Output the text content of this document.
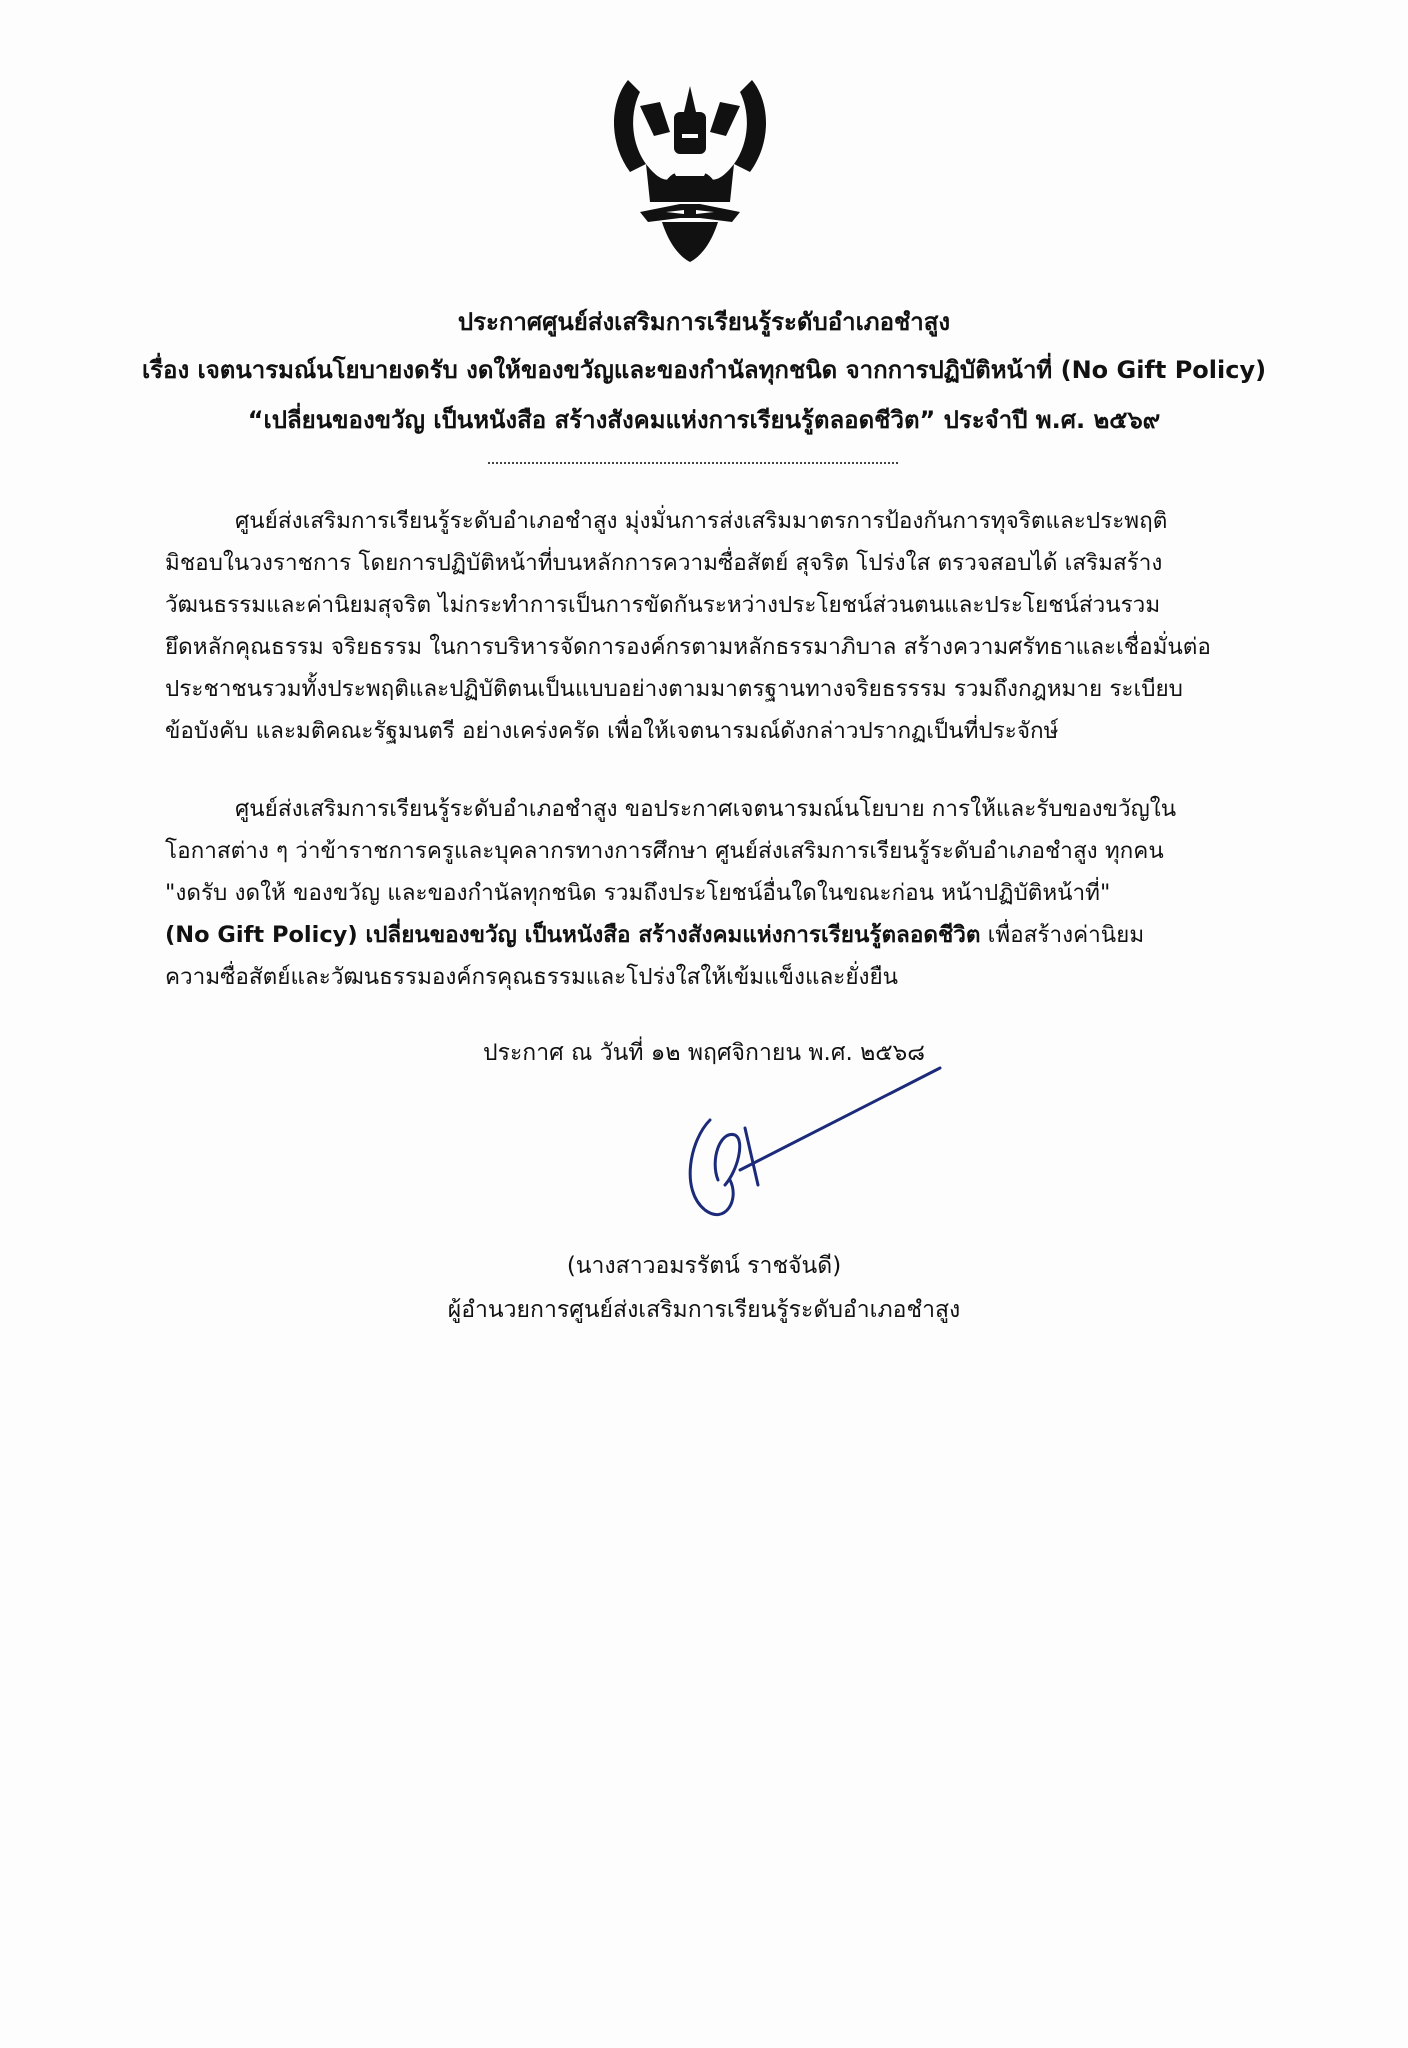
ประกาศศูนย์ส่งเสริมการเรียนรู้ระดับอำเภอชำสูง
เรื่อง เจตนารมณ์นโยบายงดรับ งดให้ของขวัญและของกำนัลทุกชนิด จากการปฏิบัติหน้าที่ (No Gift Policy)
“เปลี่ยนของขวัญ เป็นหนังสือ สร้างสังคมแห่งการเรียนรู้ตลอดชีวิต” ประจำปี พ.ศ. ๒๕๖๙
ศูนย์ส่งเสริมการเรียนรู้ระดับอำเภอชำสูง มุ่งมั่นการส่งเสริมมาตรการป้องกันการทุจริตและประพฤติ
มิชอบในวงราชการ โดยการปฏิบัติหน้าที่บนหลักการความซื่อสัตย์ สุจริต โปร่งใส ตรวจสอบได้ เสริมสร้าง
วัฒนธรรมและค่านิยมสุจริต ไม่กระทำการเป็นการขัดกันระหว่างประโยชน์ส่วนตนและประโยชน์ส่วนรวม
ยึดหลักคุณธรรม จริยธรรม ในการบริหารจัดการองค์กรตามหลักธรรมาภิบาล สร้างความศรัทธาและเชื่อมั่นต่อ
ประชาชนรวมทั้งประพฤติและปฏิบัติตนเป็นแบบอย่างตามมาตรฐานทางจริยธรรรม รวมถึงกฎหมาย ระเบียบ
ข้อบังคับ และมติคณะรัฐมนตรี อย่างเคร่งครัด เพื่อให้เจตนารมณ์ดังกล่าวปรากฏเป็นที่ประจักษ์
ศูนย์ส่งเสริมการเรียนรู้ระดับอำเภอชำสูง ขอประกาศเจตนารมณ์นโยบาย การให้และรับของขวัญใน
โอกาสต่าง ๆ ว่าข้าราชการครูและบุคลากรทางการศึกษา ศูนย์ส่งเสริมการเรียนรู้ระดับอำเภอชำสูง ทุกคน
"งดรับ งดให้ ของขวัญ และของกำนัลทุกชนิด รวมถึงประโยชน์อื่นใดในขณะก่อน หน้าปฏิบัติหน้าที่"
(No Gift Policy) เปลี่ยนของขวัญ เป็นหนังสือ สร้างสังคมแห่งการเรียนรู้ตลอดชีวิต เพื่อสร้างค่านิยม
ความซื่อสัตย์และวัฒนธรรมองค์กรคุณธรรมและโปร่งใสให้เข้มแข็งและยั่งยืน
ประกาศ ณ วันที่ ๑๒ พฤศจิกายน พ.ศ. ๒๕๖๘
(นางสาวอมรรัตน์ ราชจันดี)
ผู้อำนวยการศูนย์ส่งเสริมการเรียนรู้ระดับอำเภอชำสูง
